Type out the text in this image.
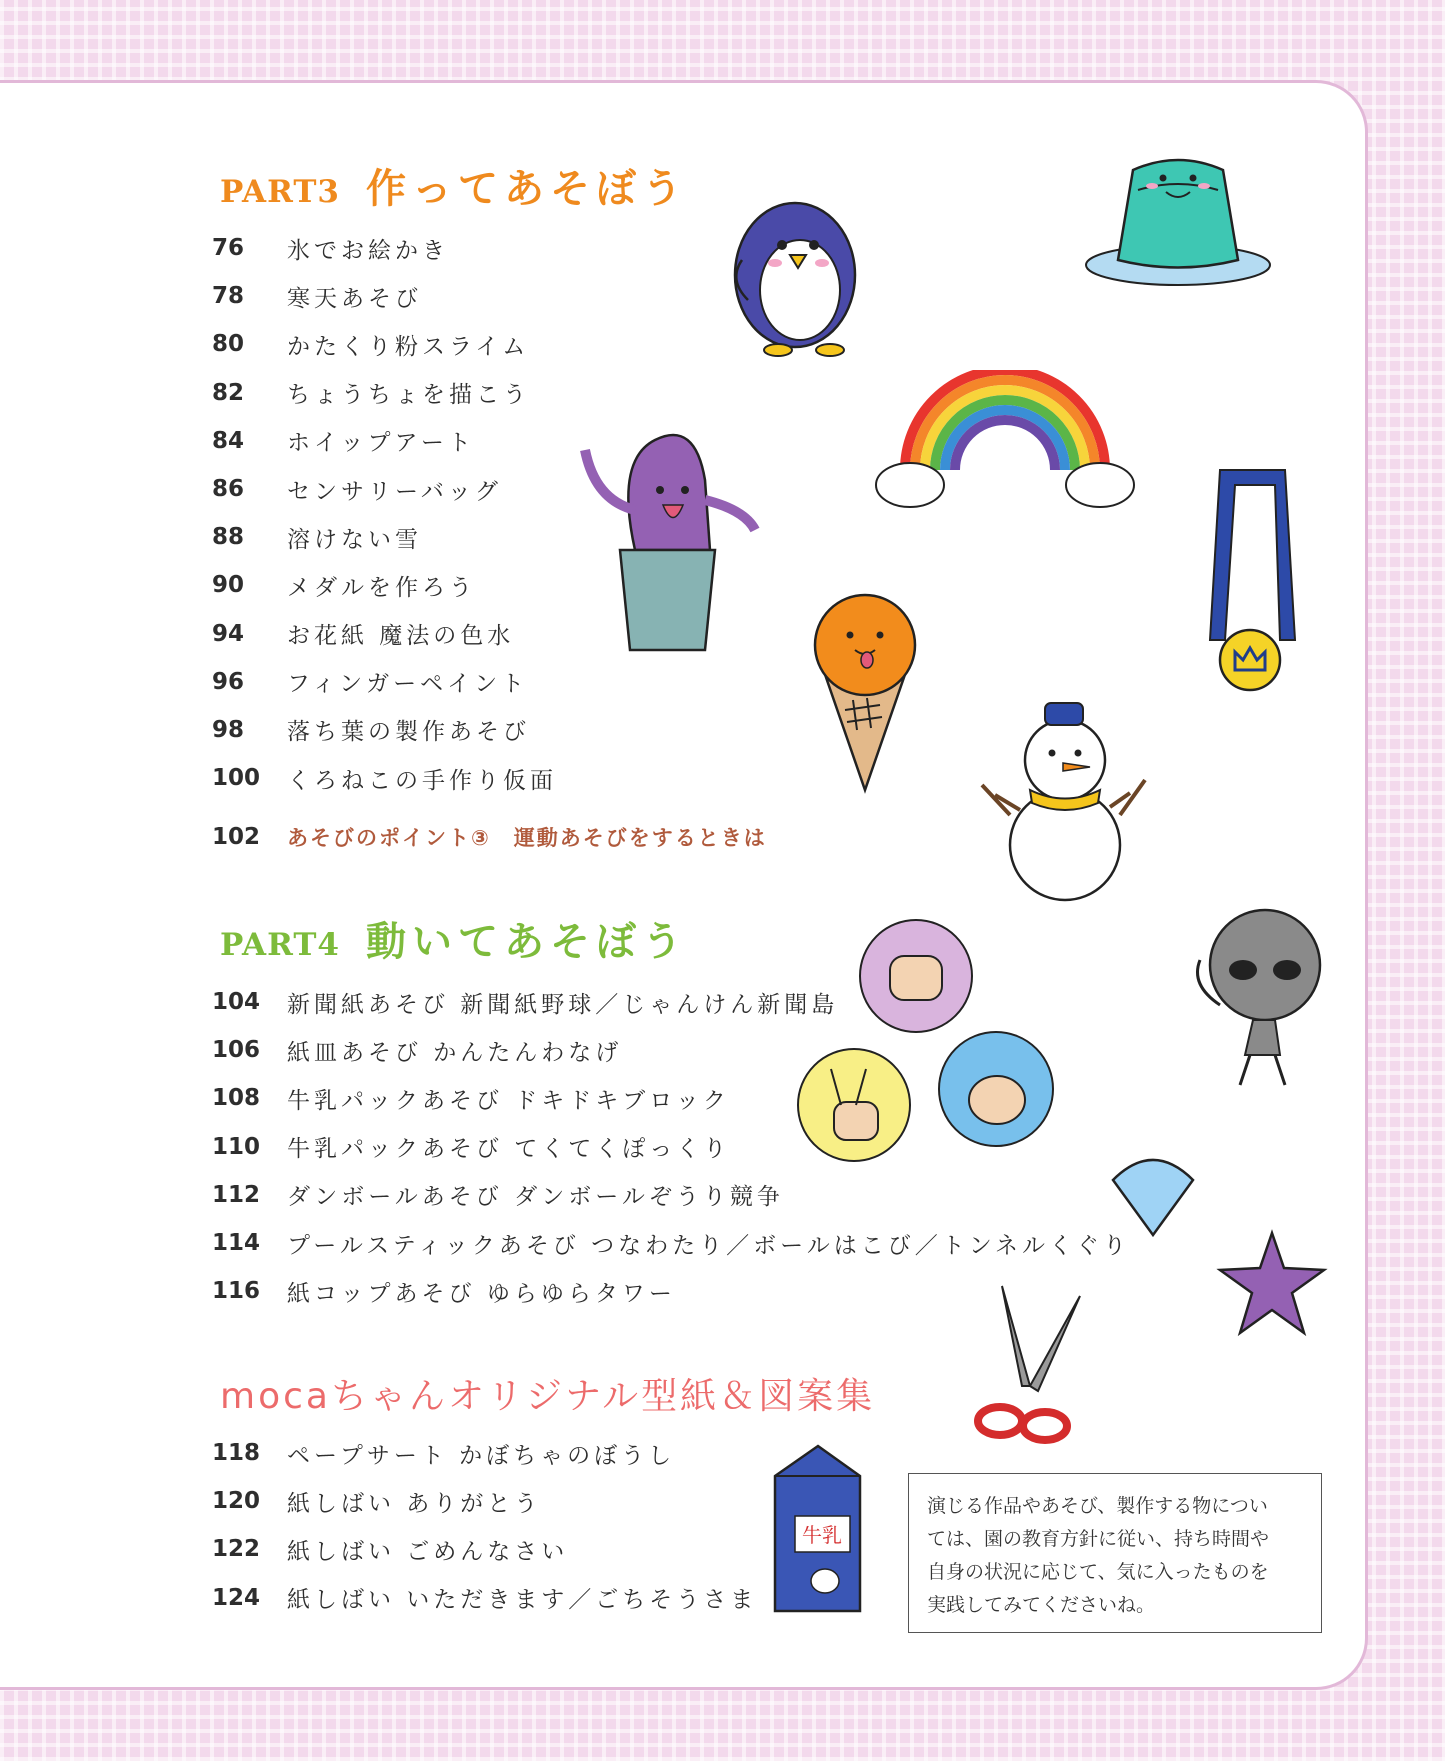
PART3 作ってあそぼう
76	氷でお絵かき
78	寒天あそび
80	かたくり粉スライム
82	ちょうちょを描こう
84	ホイップアート
86	センサリーバッグ
88	溶けない雪
90	メダルを作ろう
94	お花紙 魔法の色水
96	フィンガーペイント
98	落ち葉の製作あそび
100	くろねこの手作り仮面
102	あそびのポイント③　運動あそびをするときは
PART4 動いてあそぼう
104	新聞紙あそび 新聞紙野球／じゃんけん新聞島
106	紙皿あそび かんたんわなげ
108	牛乳パックあそび ドキドキブロック
110	牛乳パックあそび てくてくぽっくり
112	ダンボールあそび ダンボールぞうり競争
114	プールスティックあそび つなわたり／ボールはこび／トンネルくぐり
116	紙コップあそび ゆらゆらタワー
mocaちゃんオリジナル型紙＆図案集
118	ペープサート かぼちゃのぼうし
120	紙しばい ありがとう
122	紙しばい ごめんなさい
124	紙しばい いただきます／ごちそうさま
演じる作品やあそび、製作する物につい
ては、園の教育方針に従い、持ち時間や
自身の状況に応じて、気に入ったものを
実践してみてくださいね。
牛乳
